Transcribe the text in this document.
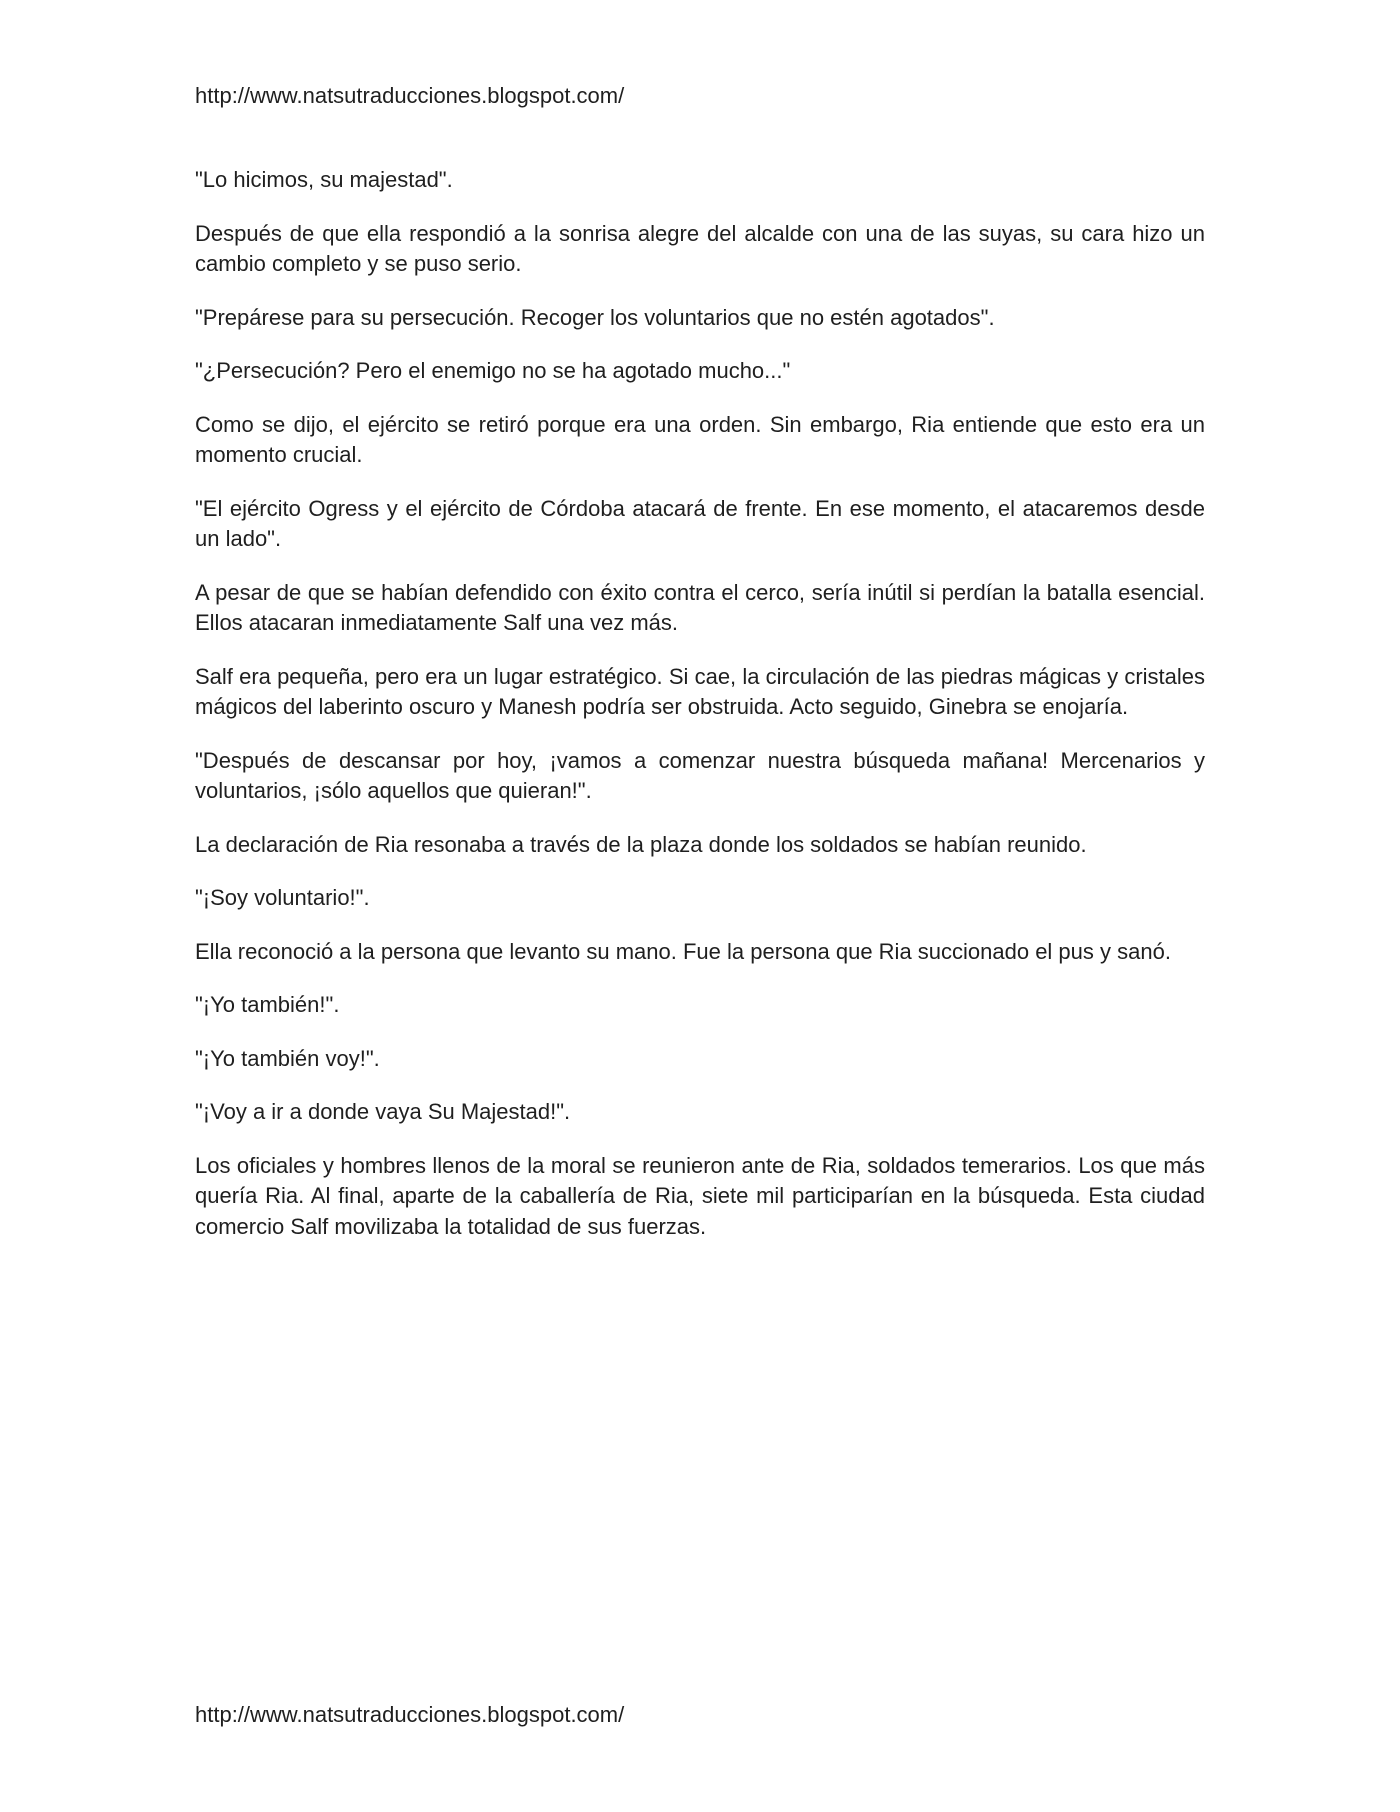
http://www.natsutraducciones.blogspot.com/

"Lo hicimos, su majestad".

Después de que ella respondió a la sonrisa alegre del alcalde con una de las suyas, su cara hizo un cambio completo y se puso serio.

"Prepárese para su persecución. Recoger los voluntarios que no estén agotados".

"¿Persecución? Pero el enemigo no se ha agotado mucho..."

Como se dijo, el ejército se retiró porque era una orden. Sin embargo, Ria entiende que esto era un momento crucial.

"El ejército Ogress y el ejército de Córdoba atacará de frente. En ese momento, el atacaremos desde un lado".

A pesar de que se habían defendido con éxito contra el cerco, sería inútil si perdían la batalla esencial. Ellos atacaran inmediatamente Salf una vez más.

Salf era pequeña, pero era un lugar estratégico. Si cae, la circulación de las piedras mágicas y cristales mágicos del laberinto oscuro y Manesh podría ser obstruida. Acto seguido, Ginebra se enojaría.

"Después de descansar por hoy, ¡vamos a comenzar nuestra búsqueda mañana! Mercenarios y voluntarios, ¡sólo aquellos que quieran!".

La declaración de Ria resonaba a través de la plaza donde los soldados se habían reunido.

"¡Soy voluntario!".

Ella reconoció a la persona que levanto su mano. Fue la persona que Ria succionado el pus y sanó.

"¡Yo también!".

"¡Yo también voy!".

"¡Voy a ir a donde vaya Su Majestad!".

Los oficiales y hombres llenos de la moral se reunieron ante de Ria, soldados temerarios. Los que más quería Ria. Al final, aparte de la caballería de Ria, siete mil participarían en la búsqueda. Esta ciudad comercio Salf movilizaba la totalidad de sus fuerzas.

http://www.natsutraducciones.blogspot.com/
